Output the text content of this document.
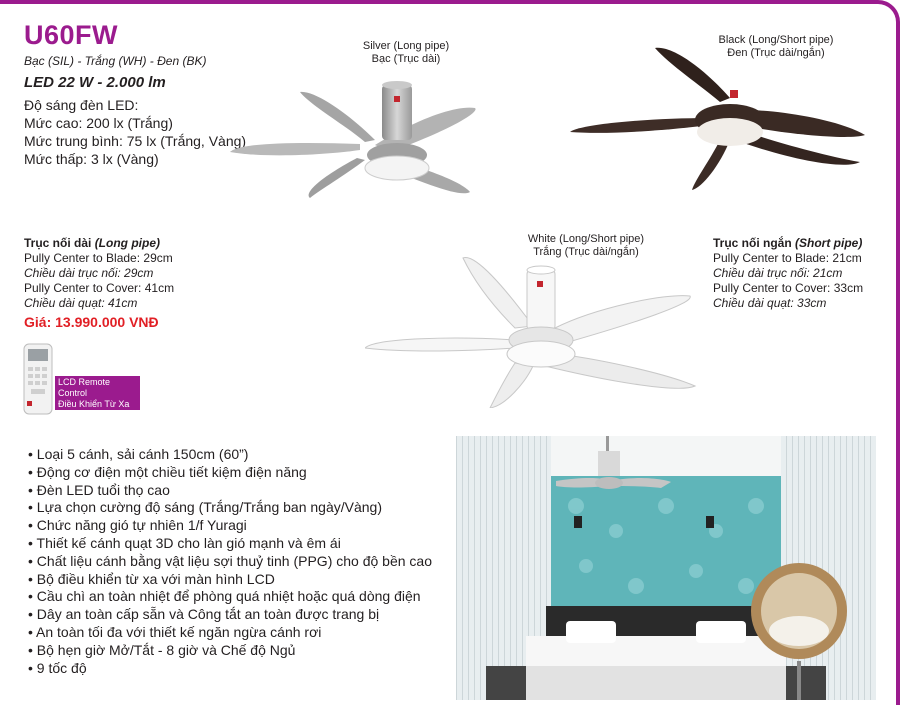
U60FW
Bạc (SIL) - Trắng (WH) - Đen (BK)
LED 22 W - 2.000 lm
Độ sáng đèn LED:
Mức cao: 200 lx (Trắng)
Mức trung bình: 75 lx (Trắng, Vàng)
Mức thấp: 3 lx (Vàng)
Silver (Long pipe)
Bạc (Trục dài)
Black (Long/Short pipe)
Đen (Trục dài/ngắn)
White (Long/Short pipe)
Trắng (Trục dài/ngắn)
Trục nối dài (Long pipe)
Pully Center to Blade: 29cm
Chiều dài trục nối: 29cm
Pully Center to Cover: 41cm
Chiều dài quạt: 41cm
Giá: 13.990.000 VNĐ
Trục nối ngắn (Short pipe)
Pully Center to Blade: 21cm
Chiều dài trục nối: 21cm
Pully Center to Cover: 33cm
Chiều dài quạt: 33cm
LCD Remote Control
Điều Khiển Từ Xa
Màn Hình LCD
• Loại 5 cánh, sải cánh 150cm (60”)
• Động cơ điện một chiều tiết kiệm điện năng
• Đèn LED tuổi thọ cao
• Lựa chọn cường độ sáng (Trắng/Trắng ban ngày/Vàng)
• Chức năng gió tự nhiên 1/f Yuragi
• Thiết kế cánh quạt 3D cho làn gió mạnh và êm ái
• Chất liệu cánh bằng vật liệu sợi thuỷ tinh (PPG) cho độ bền cao
• Bộ điều khiển từ xa với màn hình LCD
• Cầu chì an toàn nhiệt để phòng quá nhiệt hoặc quá dòng điện
• Dây an toàn cấp sẵn và Công tắt an toàn được trang bị
• An toàn tối đa với thiết kế ngăn ngừa cánh rơi
• Bộ hẹn giờ Mở/Tắt - 8 giờ và Chế độ Ngủ
• 9 tốc độ
